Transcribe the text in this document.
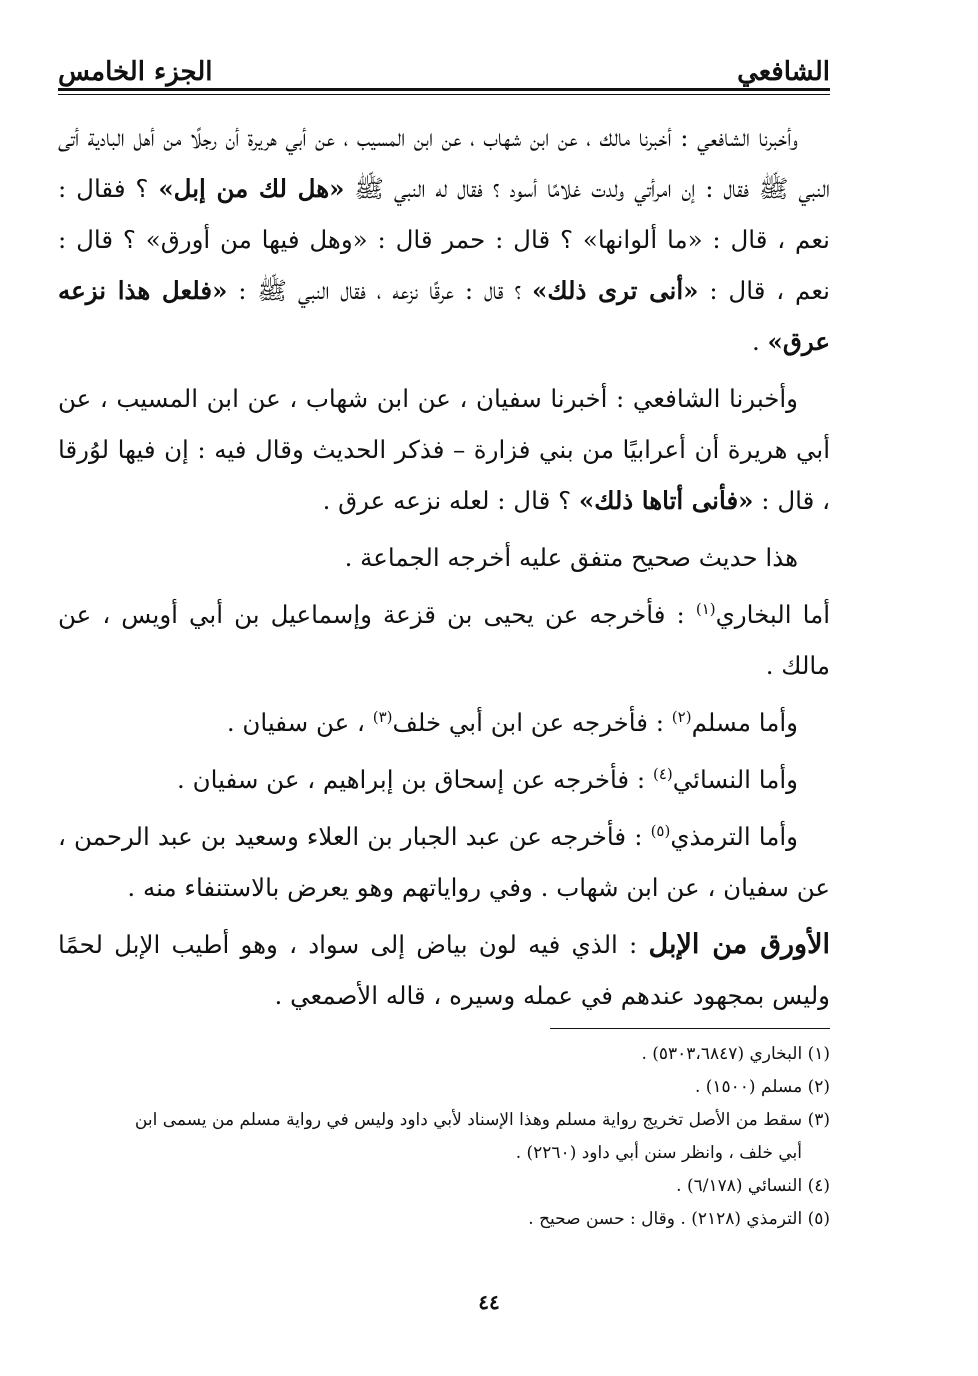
الشافعي
الجزء الخامس

وأخبرنا الشافعي : أخبرنا مالك ، عن ابن شهاب ، عن ابن المسيب ، عن أبي هريرة أن رجلًا من أهل البادية أتى النبي ﷺ فقال : إن امرأتي ولدت غلامًا أسود ؟ فقال له النبي ﷺ «هل لك من إبل» ؟ فقال : نعم ، قال : «ما ألوانها» ؟ قال : حمر قال : «وهل فيها من أورق» ؟ قال : نعم ، قال : «أنى ترى ذلك» ؟ قال : عرقًا نزعه ، فقال النبي ﷺ : «فلعل هذا نزعه عرق» .

وأخبرنا الشافعي : أخبرنا سفيان ، عن ابن شهاب ، عن ابن المسيب ، عن أبي هريرة أن أعرابيًا من بني فزارة – فذكر الحديث وقال فيه : إن فيها لوُرقا ، قال : «فأنى أتاها ذلك» ؟ قال : لعله نزعه عرق .

هذا حديث صحيح متفق عليه أخرجه الجماعة .

أما البخاري$^{(١)}$ : فأخرجه عن يحيى بن قزعة وإسماعيل بن أبي أويس ، عن مالك .

وأما مسلم$^{(٢)}$ : فأخرجه عن ابن أبي خلف$^{(٣)}$ ، عن سفيان .

وأما النسائي$^{(٤)}$ : فأخرجه عن إسحاق بن إبراهيم ، عن سفيان .

وأما الترمذي$^{(٥)}$ : فأخرجه عن عبد الجبار بن العلاء وسعيد بن عبد الرحمن ، عن سفيان ، عن ابن شهاب . وفي رواياتهم وهو يعرض بالاستنفاء منه .

الأورق من الإبل : الذي فيه لون بياض إلى سواد ، وهو أطيب الإبل لحمًا وليس بمجهود عندهم في عمله وسيره ، قاله الأصمعي .

(١) البخاري (٥٣٠٣،٦٨٤٧) .
(٢) مسلم (١٥٠٠) .
(٣) سقط من الأصل تخريج رواية مسلم وهذا الإسناد لأبي داود وليس في رواية مسلم من يسمى ابن
أبي خلف ، وانظر سنن أبي داود (٢٢٦٠) .
(٤) النسائي (٦/١٧٨) .
(٥) الترمذي (٢١٢٨) . وقال : حسن صحيح .
٤٤
